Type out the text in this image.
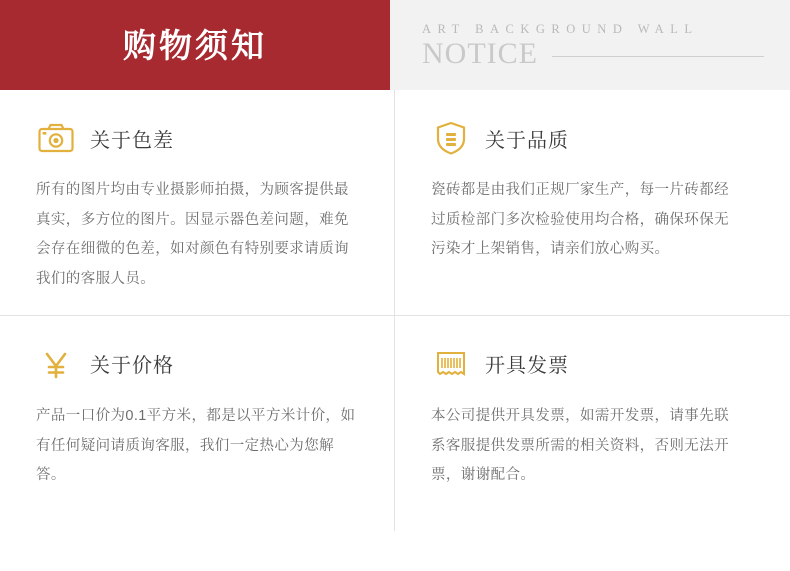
购物须知	ART BACKGROUND WALL
NOTICE
关于色差
所有的图片均由专业摄影师拍摄，为顾客提供最真实，多方位的图片。因显示器色差问题，难免会存在细微的色差，如对颜色有特别要求请质询我们的客服人员。
关于品质
瓷砖都是由我们正规厂家生产，每一片砖都经过质检部门多次检验使用均合格，确保环保无污染才上架销售，请亲们放心购买。
关于价格
产品一口价为0.1平方米，都是以平方米计价，如有任何疑问请质询客服，我们一定热心为您解答。
开具发票
本公司提供开具发票，如需开发票，请事先联系客服提供发票所需的相关资料，否则无法开票，谢谢配合。
